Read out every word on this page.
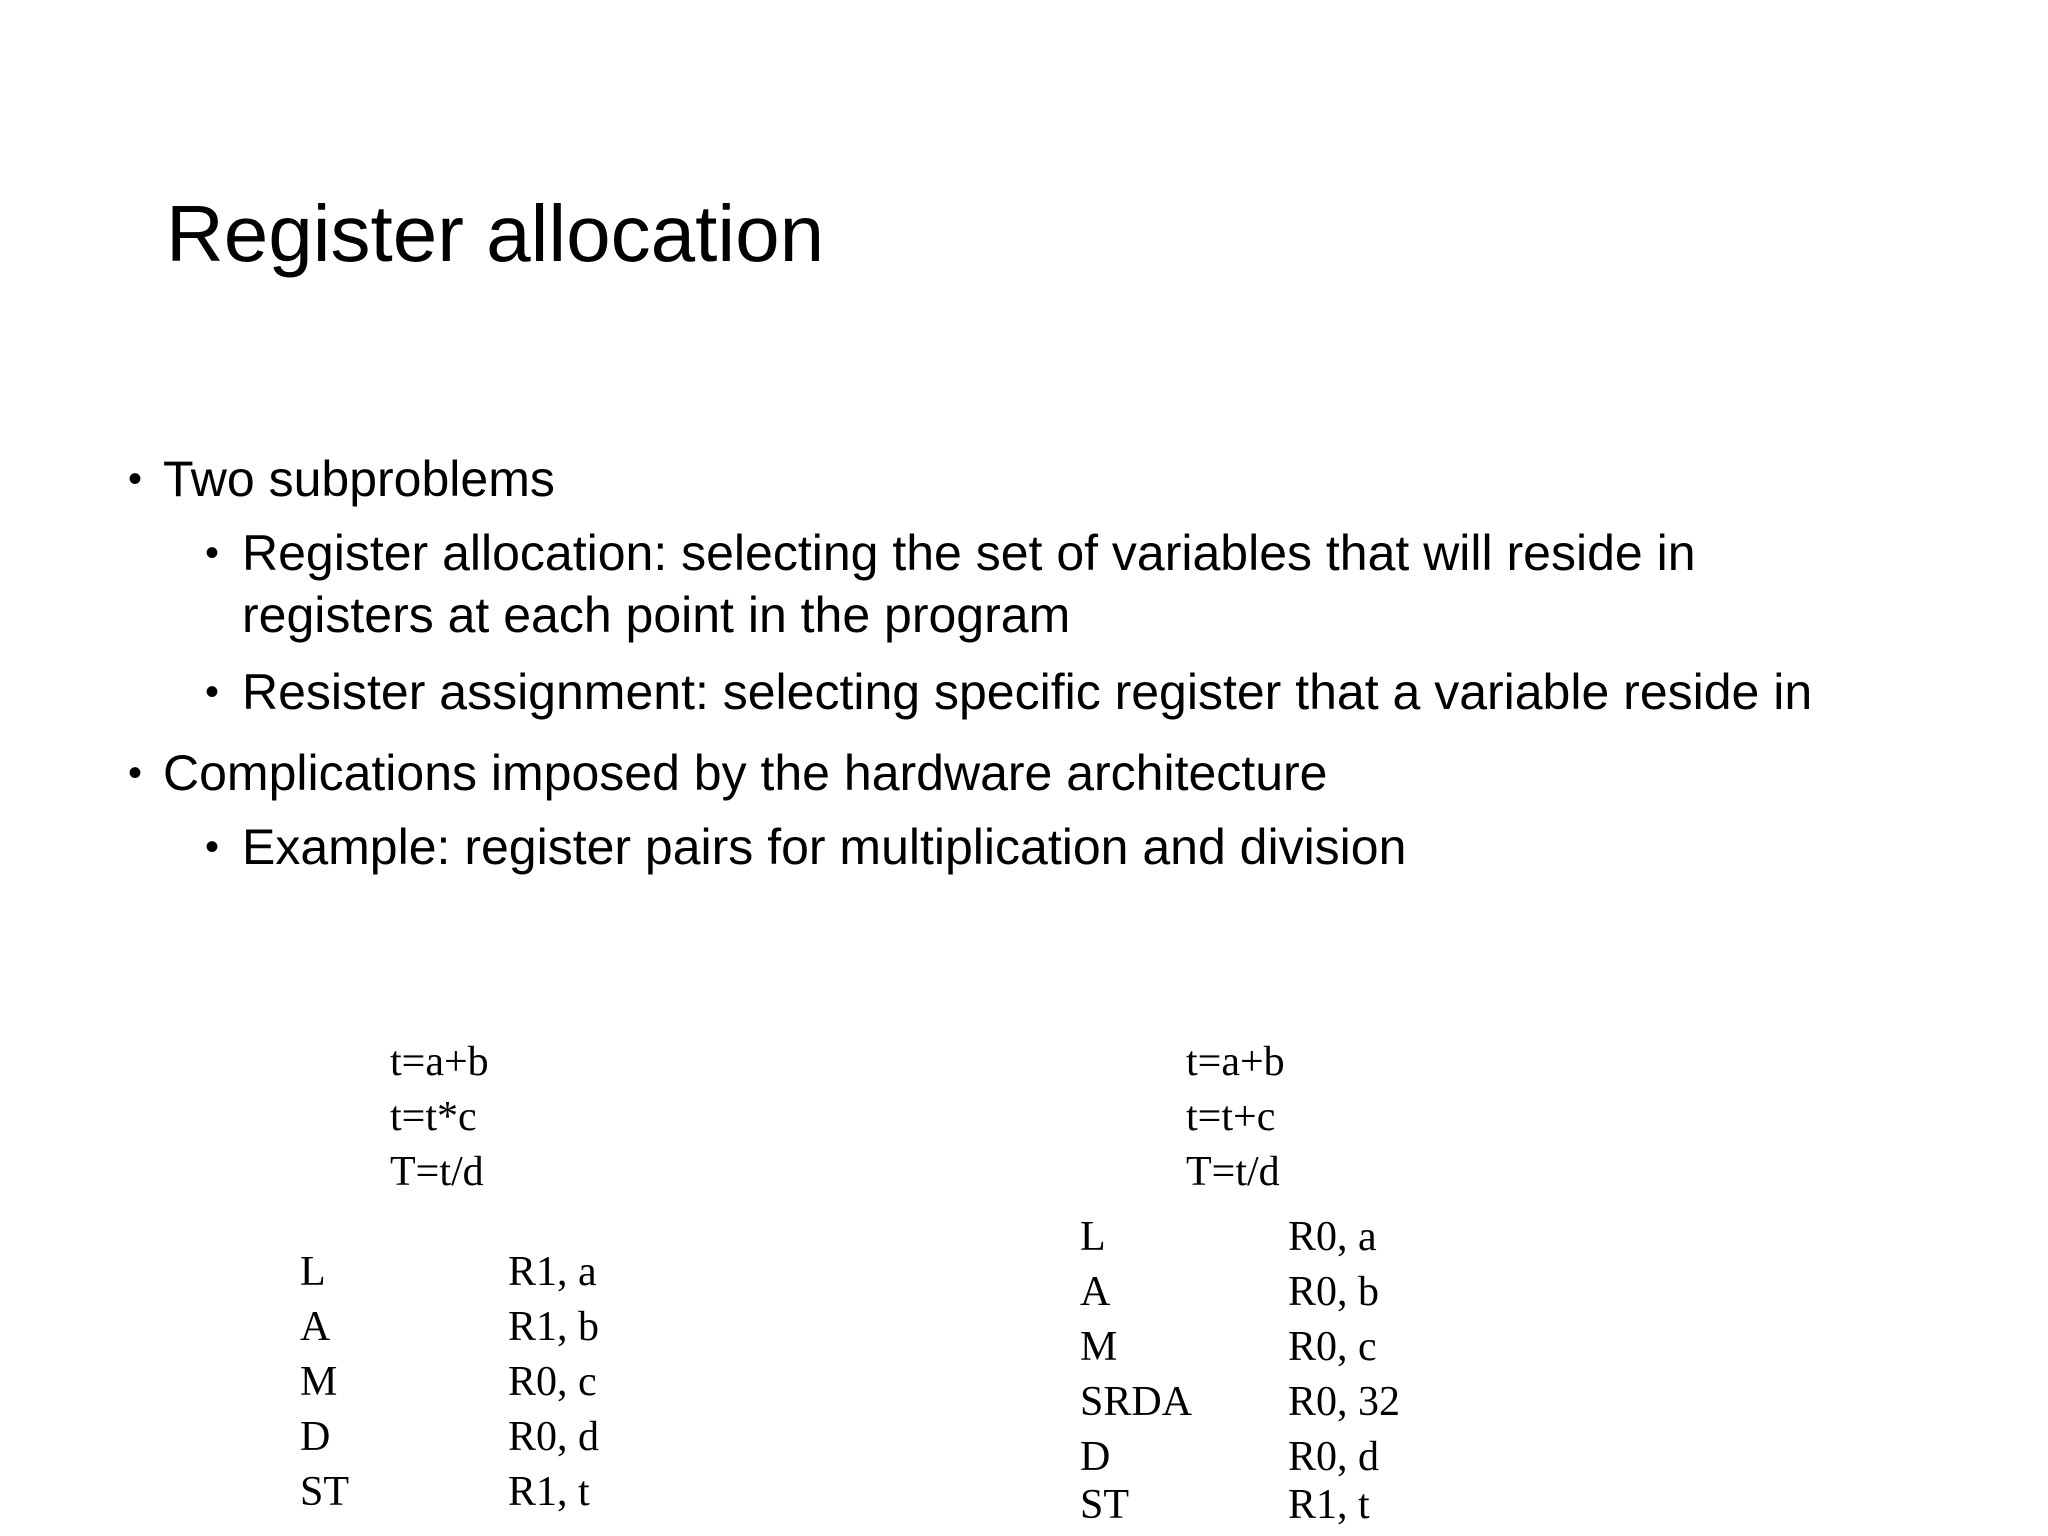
Register allocation
• Two subproblems
• Register allocation: selecting the set of variables that will reside in
registers at each point in the program
• Resister assignment: selecting specific register that a variable reside in
• Complications imposed by the hardware architecture
• Example: register pairs for multiplication and division
t=a+b
t=t*c
T=t/d
L	R1, a
A	R1, b
M	R0, c
D	R0, d
ST	R1, t
t=a+b
t=t+c
T=t/d
L	R0, a
A	R0, b
M	R0, c
SRDA R0, 32
D	R0, d
ST	R1, t
